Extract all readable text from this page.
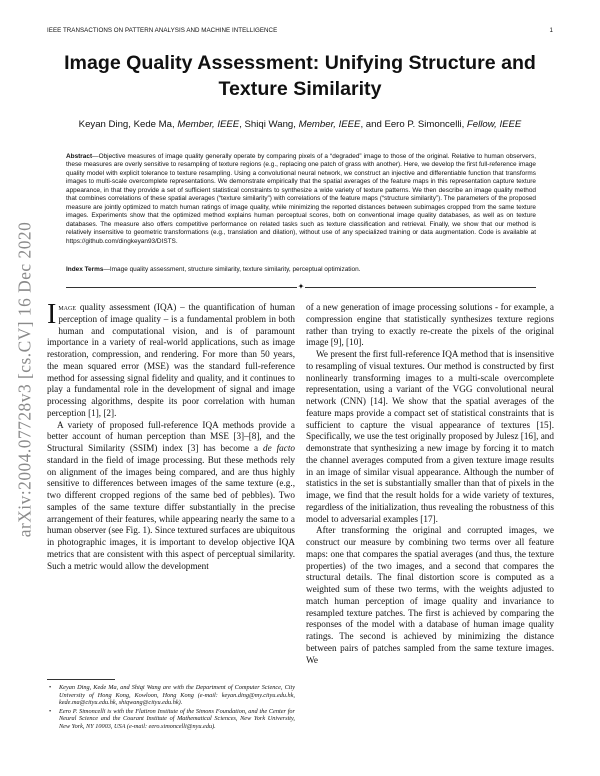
IEEE TRANSACTIONS ON PATTERN ANALYSIS AND MACHINE INTELLIGENCE	1
arXiv:2004.07728v3 [cs.CV] 16 Dec 2020
Image Quality Assessment: Unifying Structure and Texture Similarity
Keyan Ding, Kede Ma, Member, IEEE, Shiqi Wang, Member, IEEE, and Eero P. Simoncelli, Fellow, IEEE
Abstract—Objective measures of image quality generally operate by comparing pixels of a “degraded” image to those of the original. Relative to human observers, these measures are overly sensitive to resampling of texture regions (e.g., replacing one patch of grass with another). Here, we develop the first full-reference image quality model with explicit tolerance to texture resampling. Using a convolutional neural network, we construct an injective and differentiable function that transforms images to multi-scale overcomplete representations. We demonstrate empirically that the spatial averages of the feature maps in this representation capture texture appearance, in that they provide a set of sufficient statistical constraints to synthesize a wide variety of texture patterns. We then describe an image quality method that combines correlations of these spatial averages (“texture similarity”) with correlations of the feature maps (“structure similarity”). The parameters of the proposed measure are jointly optimized to match human ratings of image quality, while minimizing the reported distances between subimages cropped from the same texture images. Experiments show that the optimized method explains human perceptual scores, both on conventional image quality databases, as well as on texture databases. The measure also offers competitive performance on related tasks such as texture classification and retrieval. Finally, we show that our method is relatively insensitive to geometric transformations (e.g., translation and dilation), without use of any specialized training or data augmentation. Code is available at https://github.com/dingkeyan93/DISTS.
Index Terms—Image quality assessment, structure similarity, texture similarity, perceptual optimization.
✦

Image quality assessment (IQA) – the quantification of human perception of image quality – is a fundamental problem in both human and computational vision, and is of paramount importance in a variety of real-world applications, such as image restoration, compression, and rendering. For more than 50 years, the mean squared error (MSE) was the standard full-reference method for assessing signal fidelity and quality, and it continues to play a fundamental role in the development of signal and image processing algorithms, despite its poor correlation with human perception [1], [2].

A variety of proposed full-reference IQA methods provide a better account of human perception than MSE [3]–[8], and the Structural Similarity (SSIM) index [3] has become a de facto standard in the field of image processing. But these methods rely on alignment of the images being compared, and are thus highly sensitive to differences between images of the same texture (e.g., two different cropped regions of the same bed of pebbles). Two samples of the same texture differ substantially in the precise arrangement of their features, while appearing nearly the same to a human observer (see Fig. 1). Since textured surfaces are ubiquitous in photographic images, it is important to develop objective IQA metrics that are consistent with this aspect of perceptual similarity. Such a metric would allow the development

of a new generation of image processing solutions - for example, a compression engine that statistically synthesizes texture regions rather than trying to exactly re-create the pixels of the original image [9], [10].

We present the first full-reference IQA method that is insensitive to resampling of visual textures. Our method is constructed by first nonlinearly transforming images to a multi-scale overcomplete representation, using a variant of the VGG convolutional neural network (CNN) [14]. We show that the spatial averages of the feature maps provide a compact set of statistical constraints that is sufficient to capture the visual appearance of textures [15]. Specifically, we use the test originally proposed by Julesz [16], and demonstrate that synthesizing a new image by forcing it to match the channel averages computed from a given texture image results in an image of similar visual appearance. Although the number of statistics in the set is substantially smaller than that of pixels in the image, we find that the result holds for a wide variety of textures, regardless of the initialization, thus revealing the robustness of this model to adversarial examples [17].

After transforming the original and corrupted images, we construct our measure by combining two terms over all feature maps: one that compares the spatial averages (and thus, the texture properties) of the two images, and a second that compares the structural details. The final distortion score is computed as a weighted sum of these two terms, with the weights adjusted to match human perception of image quality and invariance to resampled texture patches. The first is achieved by comparing the responses of the model with a database of human image quality ratings. The second is achieved by minimizing the distance between pairs of patches sampled from the same texture images. We

• Keyan Ding, Kede Ma, and Shiqi Wang are with the Department of Computer Science, City University of Hong Kong, Kowloon, Hong Kong (e-mail: keyan.ding@my.cityu.edu.hk, kede.ma@cityu.edu.hk, shiqwang@cityu.edu.hk).
• Eero P. Simoncelli is with the Flatiron Institute of the Simons Foundation, and the Center for Neural Science and the Courant Institute of Mathematical Sciences, New York University, New York, NY 10003, USA (e-mail: eero.simoncelli@nyu.edu).
